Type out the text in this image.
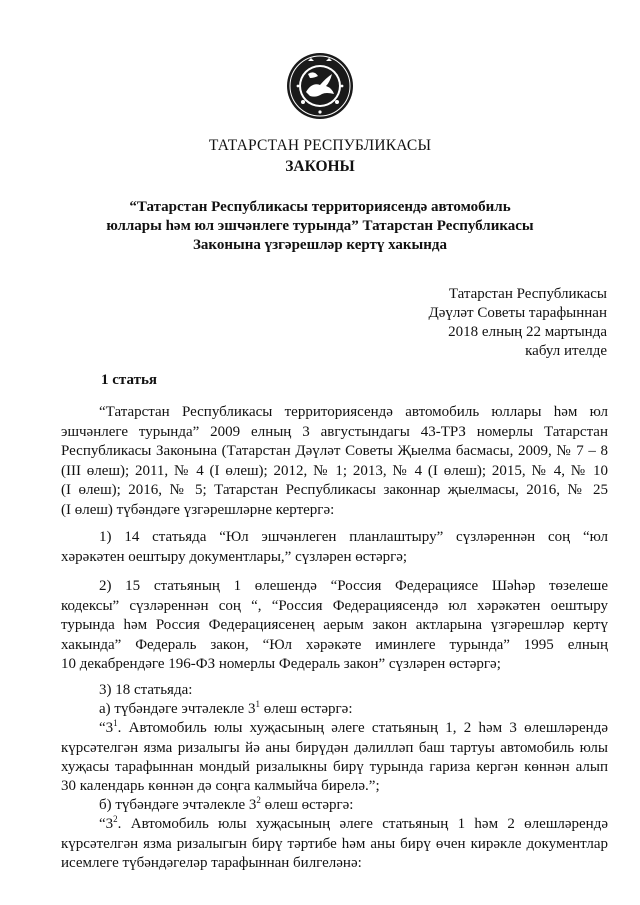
ТАТАРСТАН РЕСПУБЛИКАСЫ
ЗАКОНЫ
“Татарстан Республикасы территориясендә автомобиль
юллары һәм юл эшчәнлеге турында” Татарстан Республикасы
Законына үзгәрешләр кертү хакында
Татарстан Республикасы
Дәүләт Советы тарафыннан
2018 елның 22 мартында
кабул ителде
1 статья
“Татарстан Республикасы территориясендә автомобиль юллары һәм юл
эшчәнлеге турында” 2009 елның 3 августындагы 43-ТРЗ номерлы Татарстан
Республикасы Законына (Татарстан Дәүләт Советы Җыелма басмасы, 2009, № 7 – 8
(III өлеш); 2011, № 4 (I өлеш); 2012, № 1; 2013, № 4 (I өлеш); 2015, № 4, № 10
(I өлеш); 2016, № 5; Татарстан Республикасы законнар җыелмасы, 2016, № 25
(I өлеш) түбәндәге үзгәрешләрне кертергә:
1) 14 статьяда “Юл эшчәнлеген планлаштыру” сүзләреннән соң “юл
хәрәкәтен оештыру документлары,” сүзләрен өстәргә;
2) 15 статьяның 1 өлешендә “Россия Федерациясе Шәһәр төзелеше
кодексы” сүзләреннән соң “, “Россия Федерациясендә юл хәрәкәтен оештыру
турында һәм Россия Федерациясенең аерым закон актларына үзгәрешләр кертү
хакында” Федераль закон, “Юл хәрәкәте иминлеге турында” 1995 елның
10 декабрендәге 196-ФЗ номерлы Федераль закон” сүзләрен өстәргә;
3) 18 статьяда:
а) түбәндәге эчтәлекле $3^1$ өлеш өстәргә:
“$3^1$. Автомобиль юлы хуҗасының әлеге статьяның 1, 2 һәм 3 өлешләрендә
күрсәтелгән язма ризалыгы йә аны бирүдән дәлилләп баш тартуы автомобиль юлы
хуҗасы тарафыннан мондый ризалыкны бирү турында гариза кергән көннән алып
30 календарь көннән дә соңга калмыйча бирелә.”;
б) түбәндәге эчтәлекле $3^2$ өлеш өстәргә:
“$3^2$. Автомобиль юлы хуҗасының әлеге статьяның 1 һәм 2 өлешләрендә
күрсәтелгән язма ризалыгын бирү тәртибе һәм аны бирү өчен кирәкле документлар
исемлеге түбәндәгеләр тарафыннан билгеләнә:
